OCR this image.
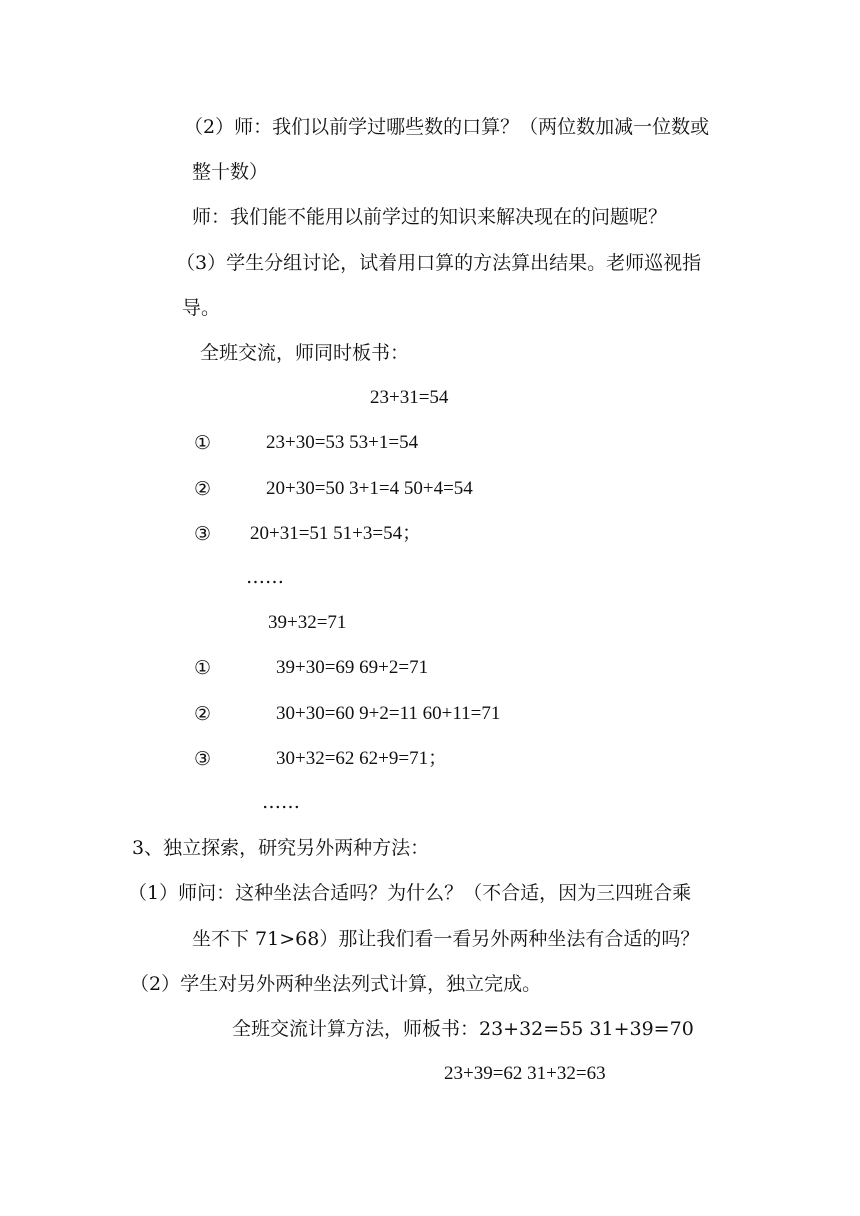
（2）师：我们以前学过哪些数的口算？（两位数加减一位数或
整十数）
师：我们能不能用以前学过的知识来解决现在的问题呢？
（3）学生分组讨论，试着用口算的方法算出结果。老师巡视指
导。
全班交流，师同时板书：
23+31=54
①	23+30=53 53+1=54
②	20+30=50 3+1=4 50+4=54
③ 20+31=51 51+3=54；
……
39+32=71
①	39+30=69 69+2=71
②	30+30=60 9+2=11 60+11=71
③	30+32=62 62+9=71；
……
3、独立探索，研究另外两种方法：
（1）师问：这种坐法合适吗？为什么？（不合适，因为三四班合乘
坐不下 71>68）那让我们看一看另外两种坐法有合适的吗？
（2）学生对另外两种坐法列式计算，独立完成。
全班交流计算方法，师板书：23+32=55 31+39=70
23+39=62 31+32=63
